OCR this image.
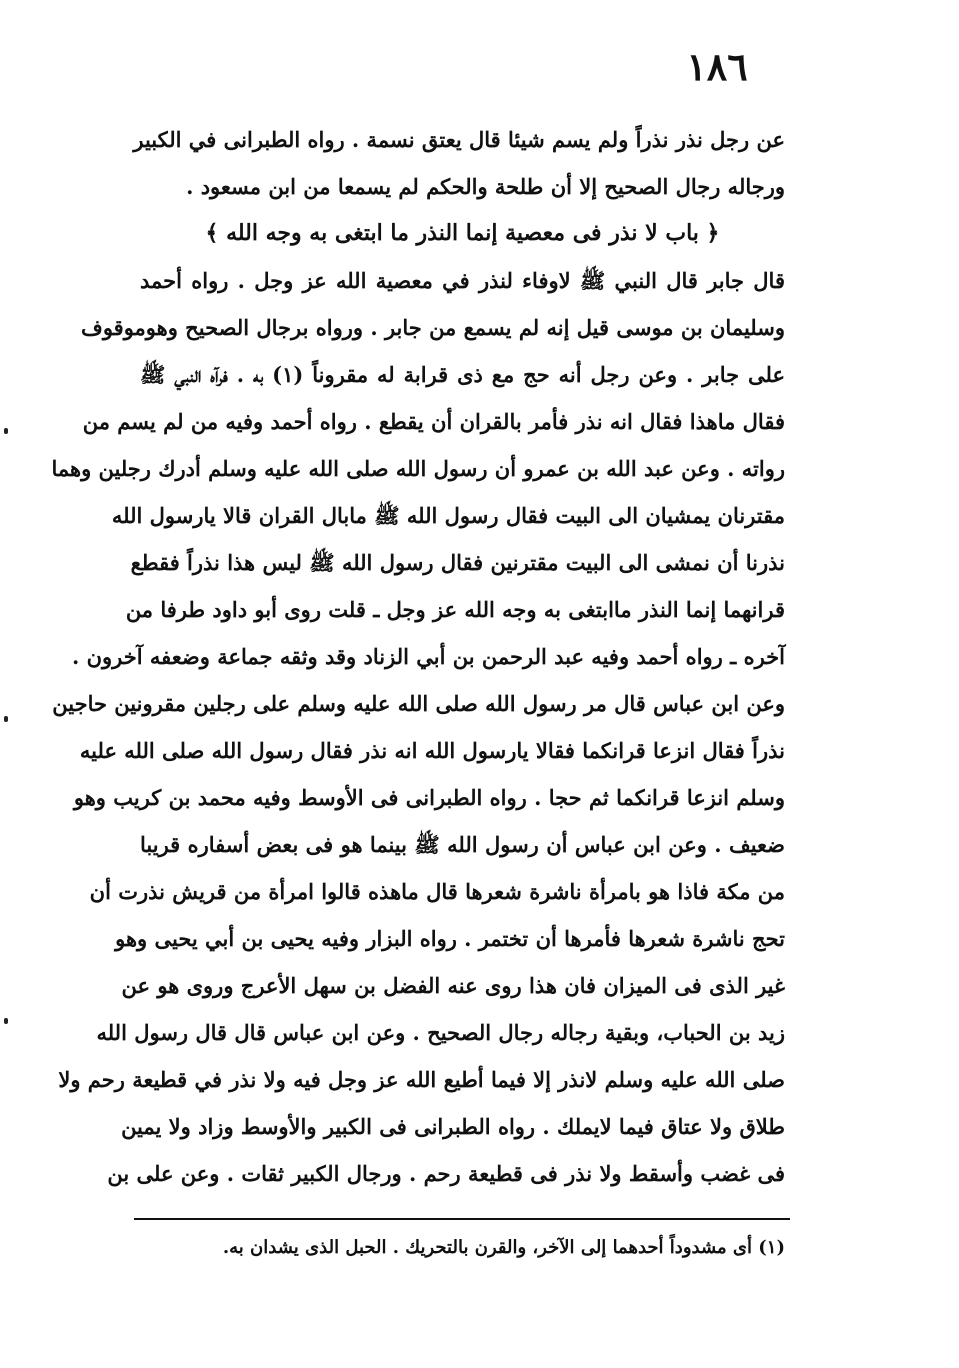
١٨٦
عن رجل نذر نذراً ولم يسم شيئا قال يعتق نسمة . رواه الطبرانى في الكبير
ورجاله رجال الصحيح إلا أن طلحة والحكم لم يسمعا من ابن مسعود .
﴿ باب لا نذر فى معصية إنما النذر ما ابتغى به وجه الله ﴾
قال جابر قال النبي ﷺ لاوفاء لنذر في معصية الله عز وجل . رواه أحمد
وسليمان بن موسى قيل إنه لم يسمع من جابر . ورواه برجال الصحيح وهوموقوف
على جابر . وعن رجل أنه حج مع ذى قرابة له مقروناً (١) به . فرآه النبي ﷺ
فقال ماهذا فقال انه نذر فأمر بالقران أن يقطع . رواه أحمد وفيه من لم يسم من
رواته . وعن عبد الله بن عمرو أن رسول الله صلى الله عليه وسلم أدرك رجلين وهما
مقترنان يمشيان الى البيت فقال رسول الله ﷺ مابال القران قالا يارسول الله
نذرنا أن نمشى الى البيت مقترنين فقال رسول الله ﷺ ليس هذا نذراً فقطع
قرانهما إنما النذر ماابتغى به وجه الله عز وجل ـ قلت روى أبو داود طرفا من
آخره ـ رواه أحمد وفيه عبد الرحمن بن أبي الزناد وقد وثقه جماعة وضعفه آخرون .
وعن ابن عباس قال مر رسول الله صلى الله عليه وسلم على رجلين مقرونين حاجين
نذراً فقال انزعا قرانكما فقالا يارسول الله انه نذر فقال رسول الله صلى الله عليه
وسلم انزعا قرانكما ثم حجا . رواه الطبرانى فى الأوسط وفيه محمد بن كريب وهو
ضعيف . وعن ابن عباس أن رسول الله ﷺ بينما هو فى بعض أسفاره قريبا
من مكة فاذا هو بامرأة ناشرة شعرها قال ماهذه قالوا امرأة من قريش نذرت أن
تحج ناشرة شعرها فأمرها أن تختمر . رواه البزار وفيه يحيى بن أبي يحيى وهو
غير الذى فى الميزان فان هذا روى عنه الفضل بن سهل الأعرج وروى هو عن
زيد بن الحباب، وبقية رجاله رجال الصحيح . وعن ابن عباس قال قال رسول الله
صلى الله عليه وسلم لانذر إلا فيما أطيع الله عز وجل فيه ولا نذر في قطيعة رحم ولا
طلاق ولا عتاق فيما لايملك . رواه الطبرانى فى الكبير والأوسط وزاد ولا يمين
فى غضب وأسقط ولا نذر فى قطيعة رحم . ورجال الكبير ثقات . وعن على بن
(١) أى مشدوداً أحدهما إلى الآخر، والقرن بالتحريك . الحبل الذى يشدان به.
